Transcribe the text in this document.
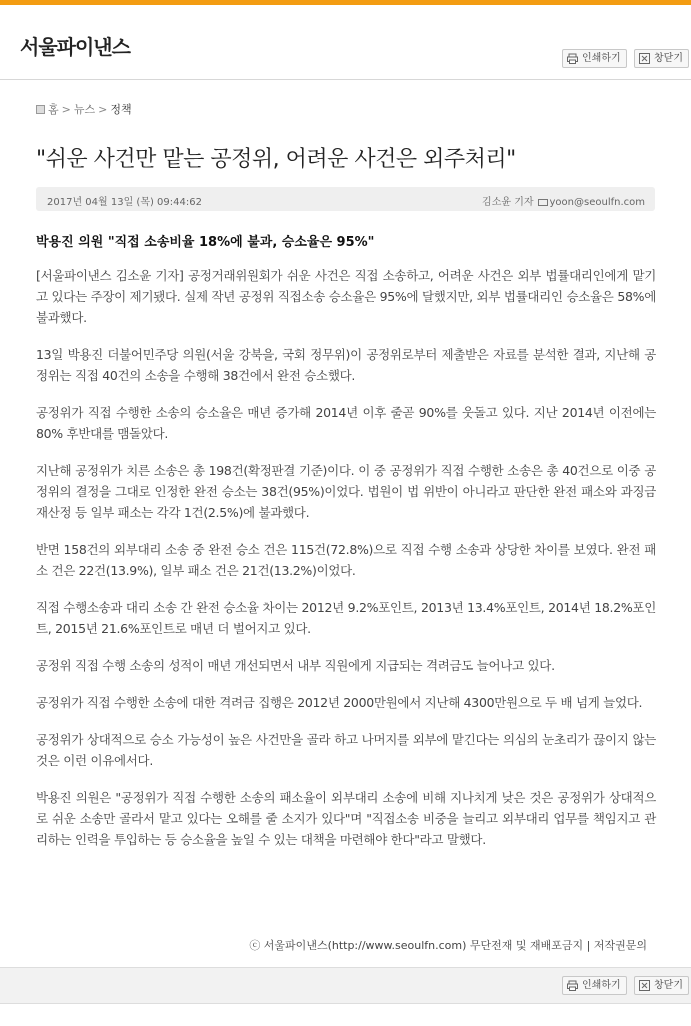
서울파이낸스	인쇄하기	창닫기
홈 > 뉴스 > 정책
"쉬운 사건만 맡는 공정위, 어려운 사건은 외주처리"
2017년 04월 13일 (목) 09:44:62	김소윤 기자 yoon@seoulfn.com
박용진 의원 "직접 소송비율 18%에 불과, 승소율은 95%"

[서울파이낸스 김소윤 기자] 공정거래위원회가 쉬운 사건은 직접 소송하고, 어려운 사건은 외부 법률대리인에게 맡기고 있다는 주장이 제기됐다. 실제 작년 공정위 직접소송 승소율은 95%에 달했지만, 외부 법률대리인 승소율은 58%에 불과했다.

13일 박용진 더불어민주당 의원(서울 강북을, 국회 정무위)이 공정위로부터 제출받은 자료를 분석한 결과, 지난해 공정위는 직접 40건의 소송을 수행해 38건에서 완전 승소했다.

공정위가 직접 수행한 소송의 승소율은 매년 증가해 2014년 이후 줄곧 90%를 웃돌고 있다. 지난 2014년 이전에는 80% 후반대를 맴돌았다.

지난해 공정위가 치른 소송은 총 198건(확정판결 기준)이다. 이 중 공정위가 직접 수행한 소송은 총 40건으로 이중 공정위의 결정을 그대로 인정한 완전 승소는 38건(95%)이었다. 법원이 법 위반이 아니라고 판단한 완전 패소와 과징금 재산정 등 일부 패소는 각각 1건(2.5%)에 불과했다.

반면 158건의 외부대리 소송 중 완전 승소 건은 115건(72.8%)으로 직접 수행 소송과 상당한 차이를 보였다. 완전 패소 건은 22건(13.9%), 일부 패소 건은 21건(13.2%)이었다.

직접 수행소송과 대리 소송 간 완전 승소율 차이는 2012년 9.2%포인트, 2013년 13.4%포인트, 2014년 18.2%포인트, 2015년 21.6%포인트로 매년 더 벌어지고 있다.

공정위 직접 수행 소송의 성적이 매년 개선되면서 내부 직원에게 지급되는 격려금도 늘어나고 있다.

공정위가 직접 수행한 소송에 대한 격려금 집행은 2012년 2000만원에서 지난해 4300만원으로 두 배 넘게 늘었다.

공정위가 상대적으로 승소 가능성이 높은 사건만을 골라 하고 나머지를 외부에 맡긴다는 의심의 눈초리가 끊이지 않는 것은 이런 이유에서다.

박용진 의원은 "공정위가 직접 수행한 소송의 패소율이 외부대리 소송에 비해 지나치게 낮은 것은 공정위가 상대적으로 쉬운 소송만 골라서 맡고 있다는 오해를 줄 소지가 있다"며 "직접소송 비중을 늘리고 외부대리 업무를 책임지고 관리하는 인력을 투입하는 등 승소율을 높일 수 있는 대책을 마련해야 한다"라고 말했다.

ⓒ 서울파이낸스(http://www.seoulfn.com) 무단전재 및 재배포금지 | 저작권문의
인쇄하기	창닫기
